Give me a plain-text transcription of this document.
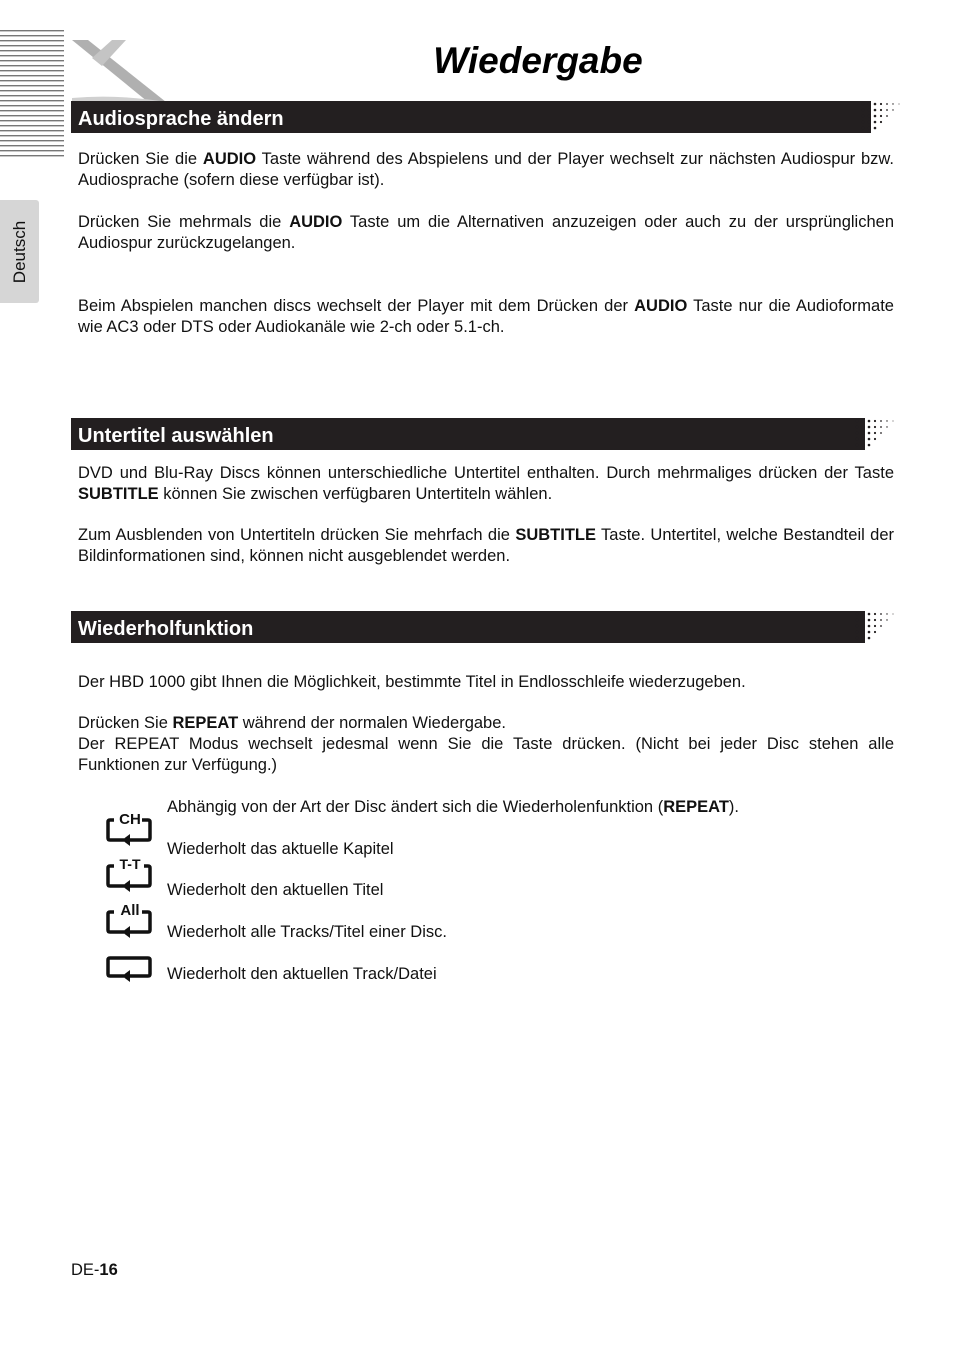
Wiedergabe
Deutsch
Audiosprache ändern

Drücken Sie die AUDIO Taste während des Abspielens und der Player wechselt zur nächsten Audiospur bzw. Audiosprache (sofern diese verfügbar ist).

Drücken Sie mehrmals die AUDIO Taste um die Alternativen anzuzeigen oder auch zu der ursprünglichen Audiospur zurückzugelangen.

Beim Abspielen manchen discs wechselt der Player mit dem Drücken der AUDIO Taste nur die Audioformate wie AC3 oder DTS oder Audiokanäle wie 2-ch oder 5.1-ch.

Untertitel auswählen

DVD und Blu-Ray Discs können unterschiedliche Untertitel enthalten. Durch mehrmaliges drücken der Taste SUBTITLE können Sie zwischen verfügbaren Untertiteln wählen.

Zum Ausblenden von Untertiteln drücken Sie mehrfach die SUBTITLE Taste. Untertitel, welche Bestandteil der Bildinformationen sind, können nicht ausgeblendet werden.

Wiederholfunktion

Der HBD 1000 gibt Ihnen die Möglichkeit, bestimmte Titel in Endlosschleife wiederzugeben.

Drücken Sie REPEAT während der normalen Wiedergabe.
Der REPEAT Modus wechselt jedesmal wenn Sie die Taste drücken. (Nicht bei jeder Disc stehen alle Funktionen zur Verfügung.)

Abhängig von der Art der Disc ändert sich die Wiederholenfunktion (REPEAT).

CH
T-T
All

Wiederholt das aktuelle Kapitel

Wiederholt den aktuellen Titel

Wiederholt alle Tracks/Titel einer Disc.

Wiederholt den aktuellen Track/Datei

DE-16
